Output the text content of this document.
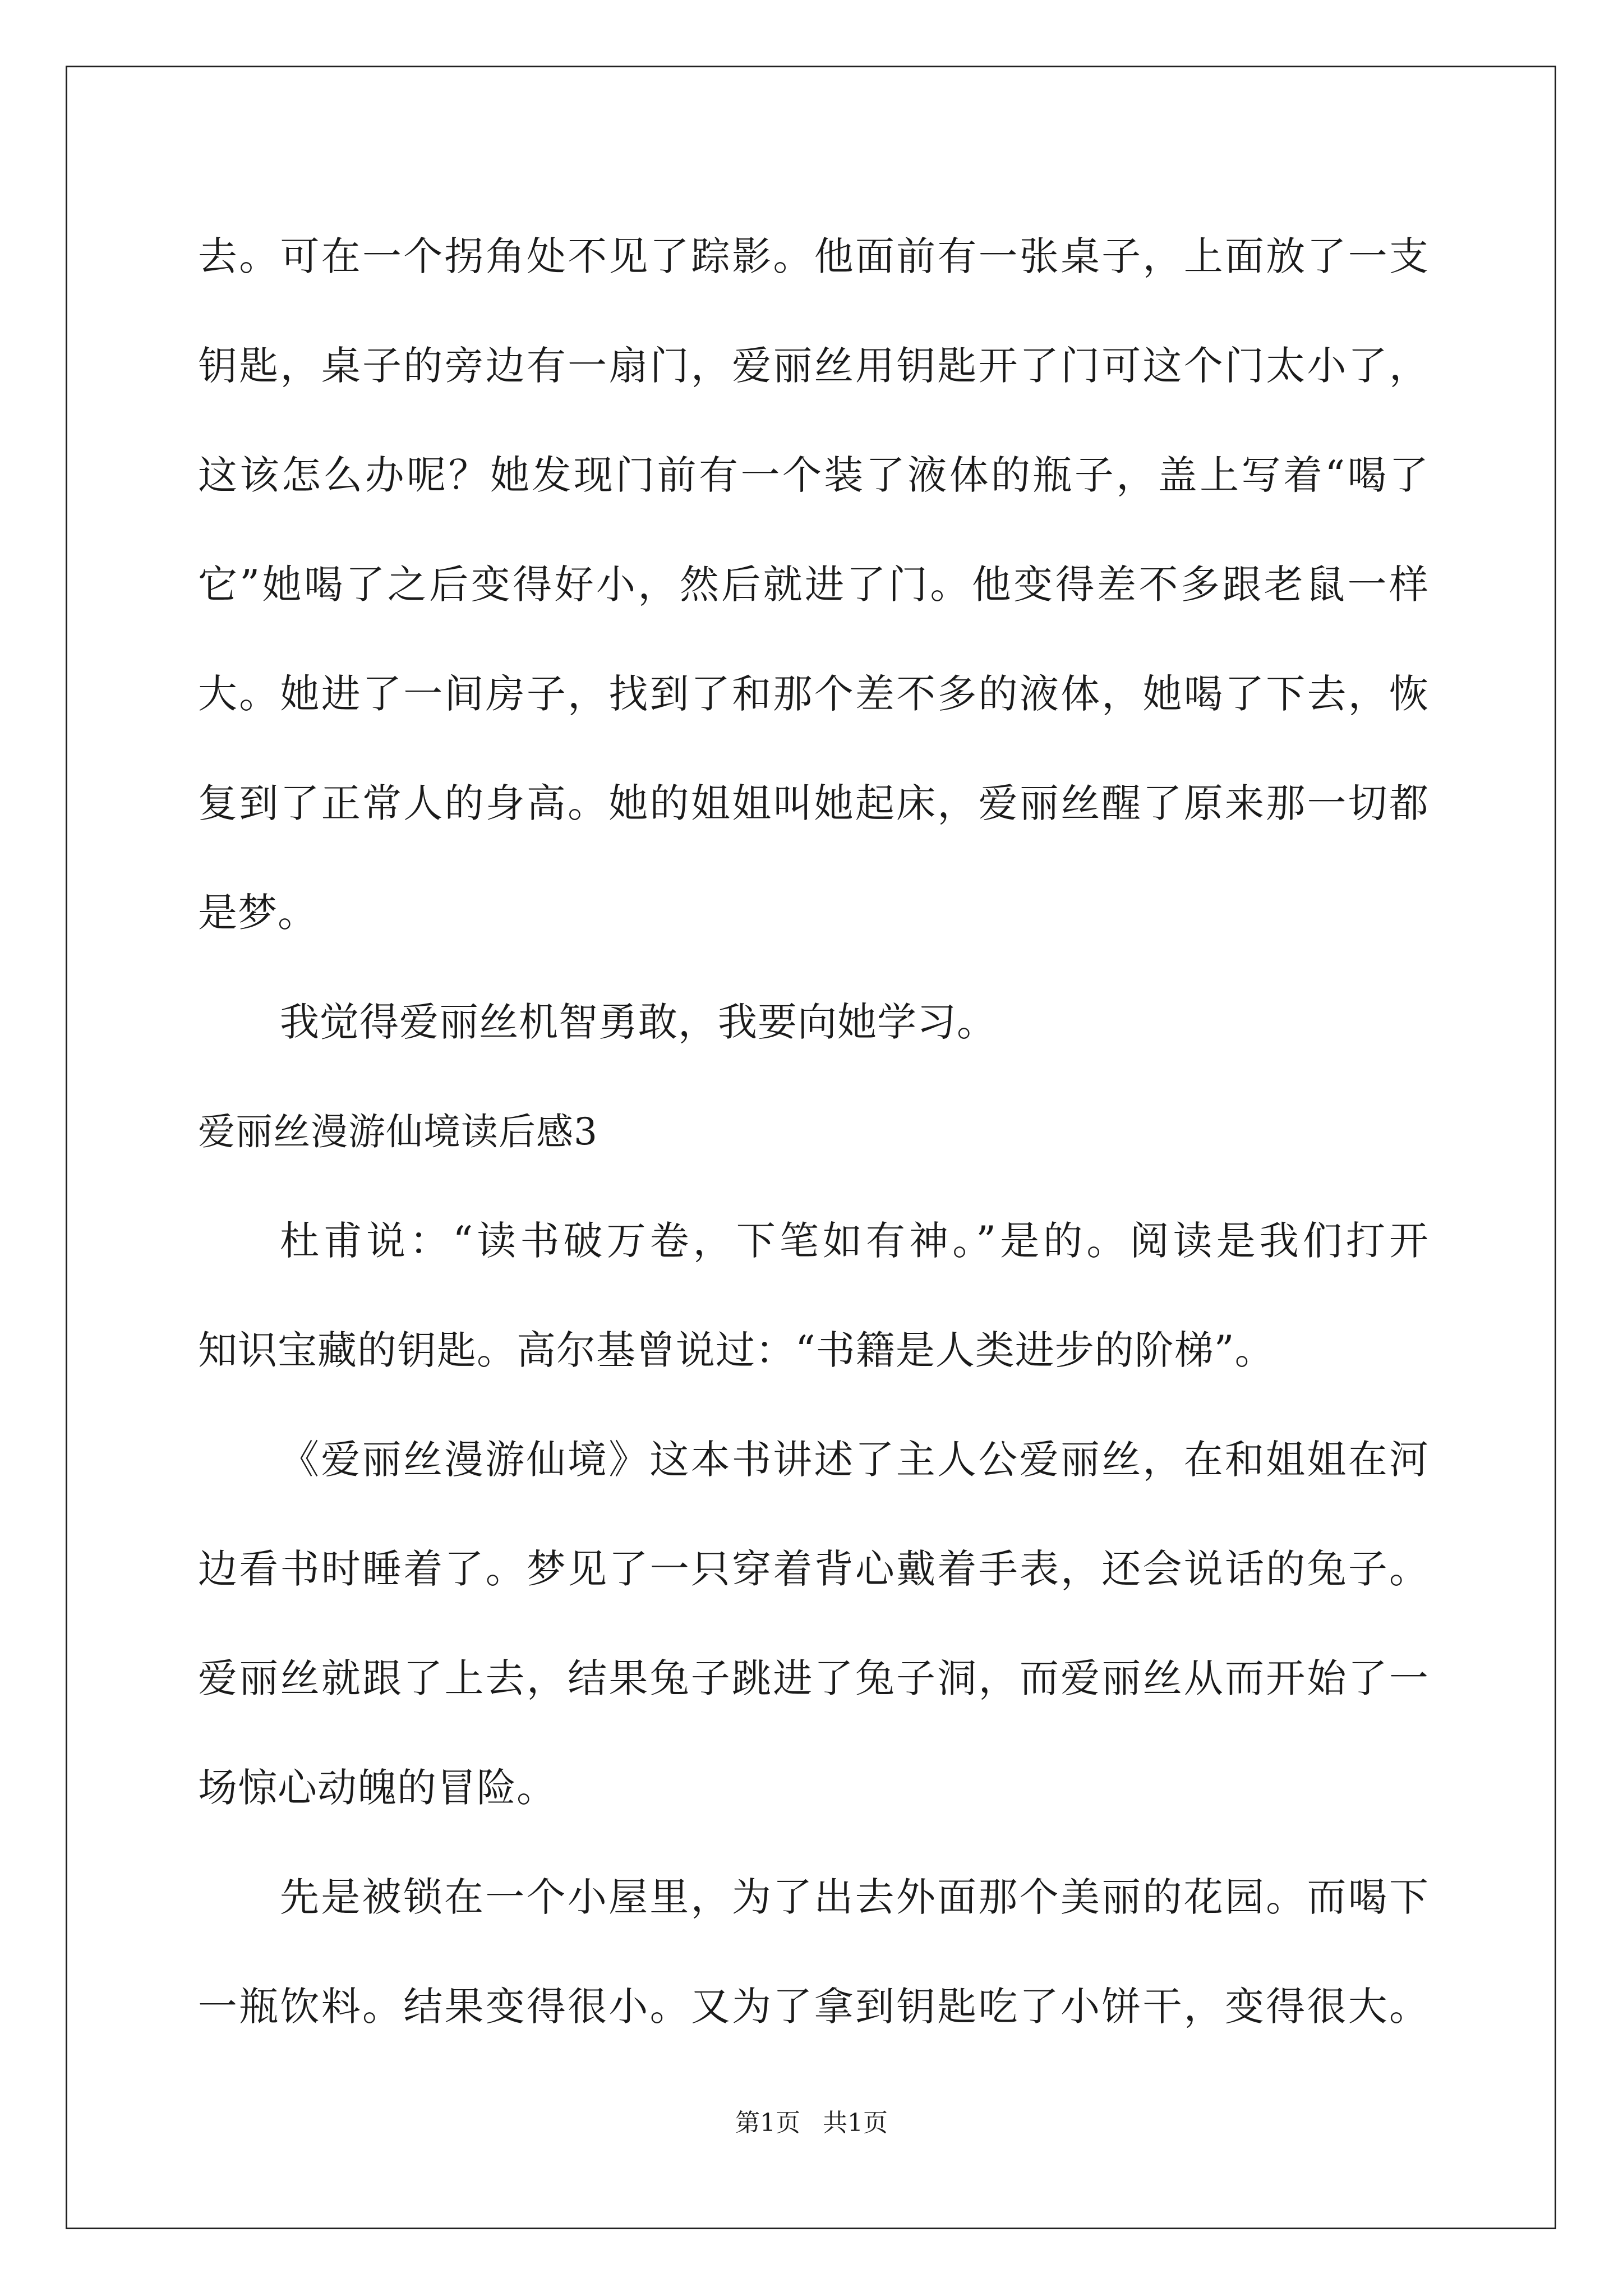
去。可在一个拐角处不见了踪影。他面前有一张桌子，上面放了一支
钥匙，桌子的旁边有一扇门，爱丽丝用钥匙开了门可这个门太小了，
这该怎么办呢？她发现门前有一个装了液体的瓶子，盖上写着“喝了
它”她喝了之后变得好小，然后就进了门。他变得差不多跟老鼠一样
大。她进了一间房子，找到了和那个差不多的液体，她喝了下去，恢
复到了正常人的身高。她的姐姐叫她起床，爱丽丝醒了原来那一切都
是梦。
我觉得爱丽丝机智勇敢，我要向她学习。
爱丽丝漫游仙境读后感3
杜甫说：“读书破万卷，下笔如有神。”是的。阅读是我们打开
知识宝藏的钥匙。高尔基曾说过：“书籍是人类进步的阶梯”。
《爱丽丝漫游仙境》这本书讲述了主人公爱丽丝，在和姐姐在河
边看书时睡着了。梦见了一只穿着背心戴着手表，还会说话的兔子。
爱丽丝就跟了上去，结果兔子跳进了兔子洞，而爱丽丝从而开始了一
场惊心动魄的冒险。
先是被锁在一个小屋里，为了出去外面那个美丽的花园。而喝下
一瓶饮料。结果变得很小。又为了拿到钥匙吃了小饼干，变得很大。
第1页 共1页
